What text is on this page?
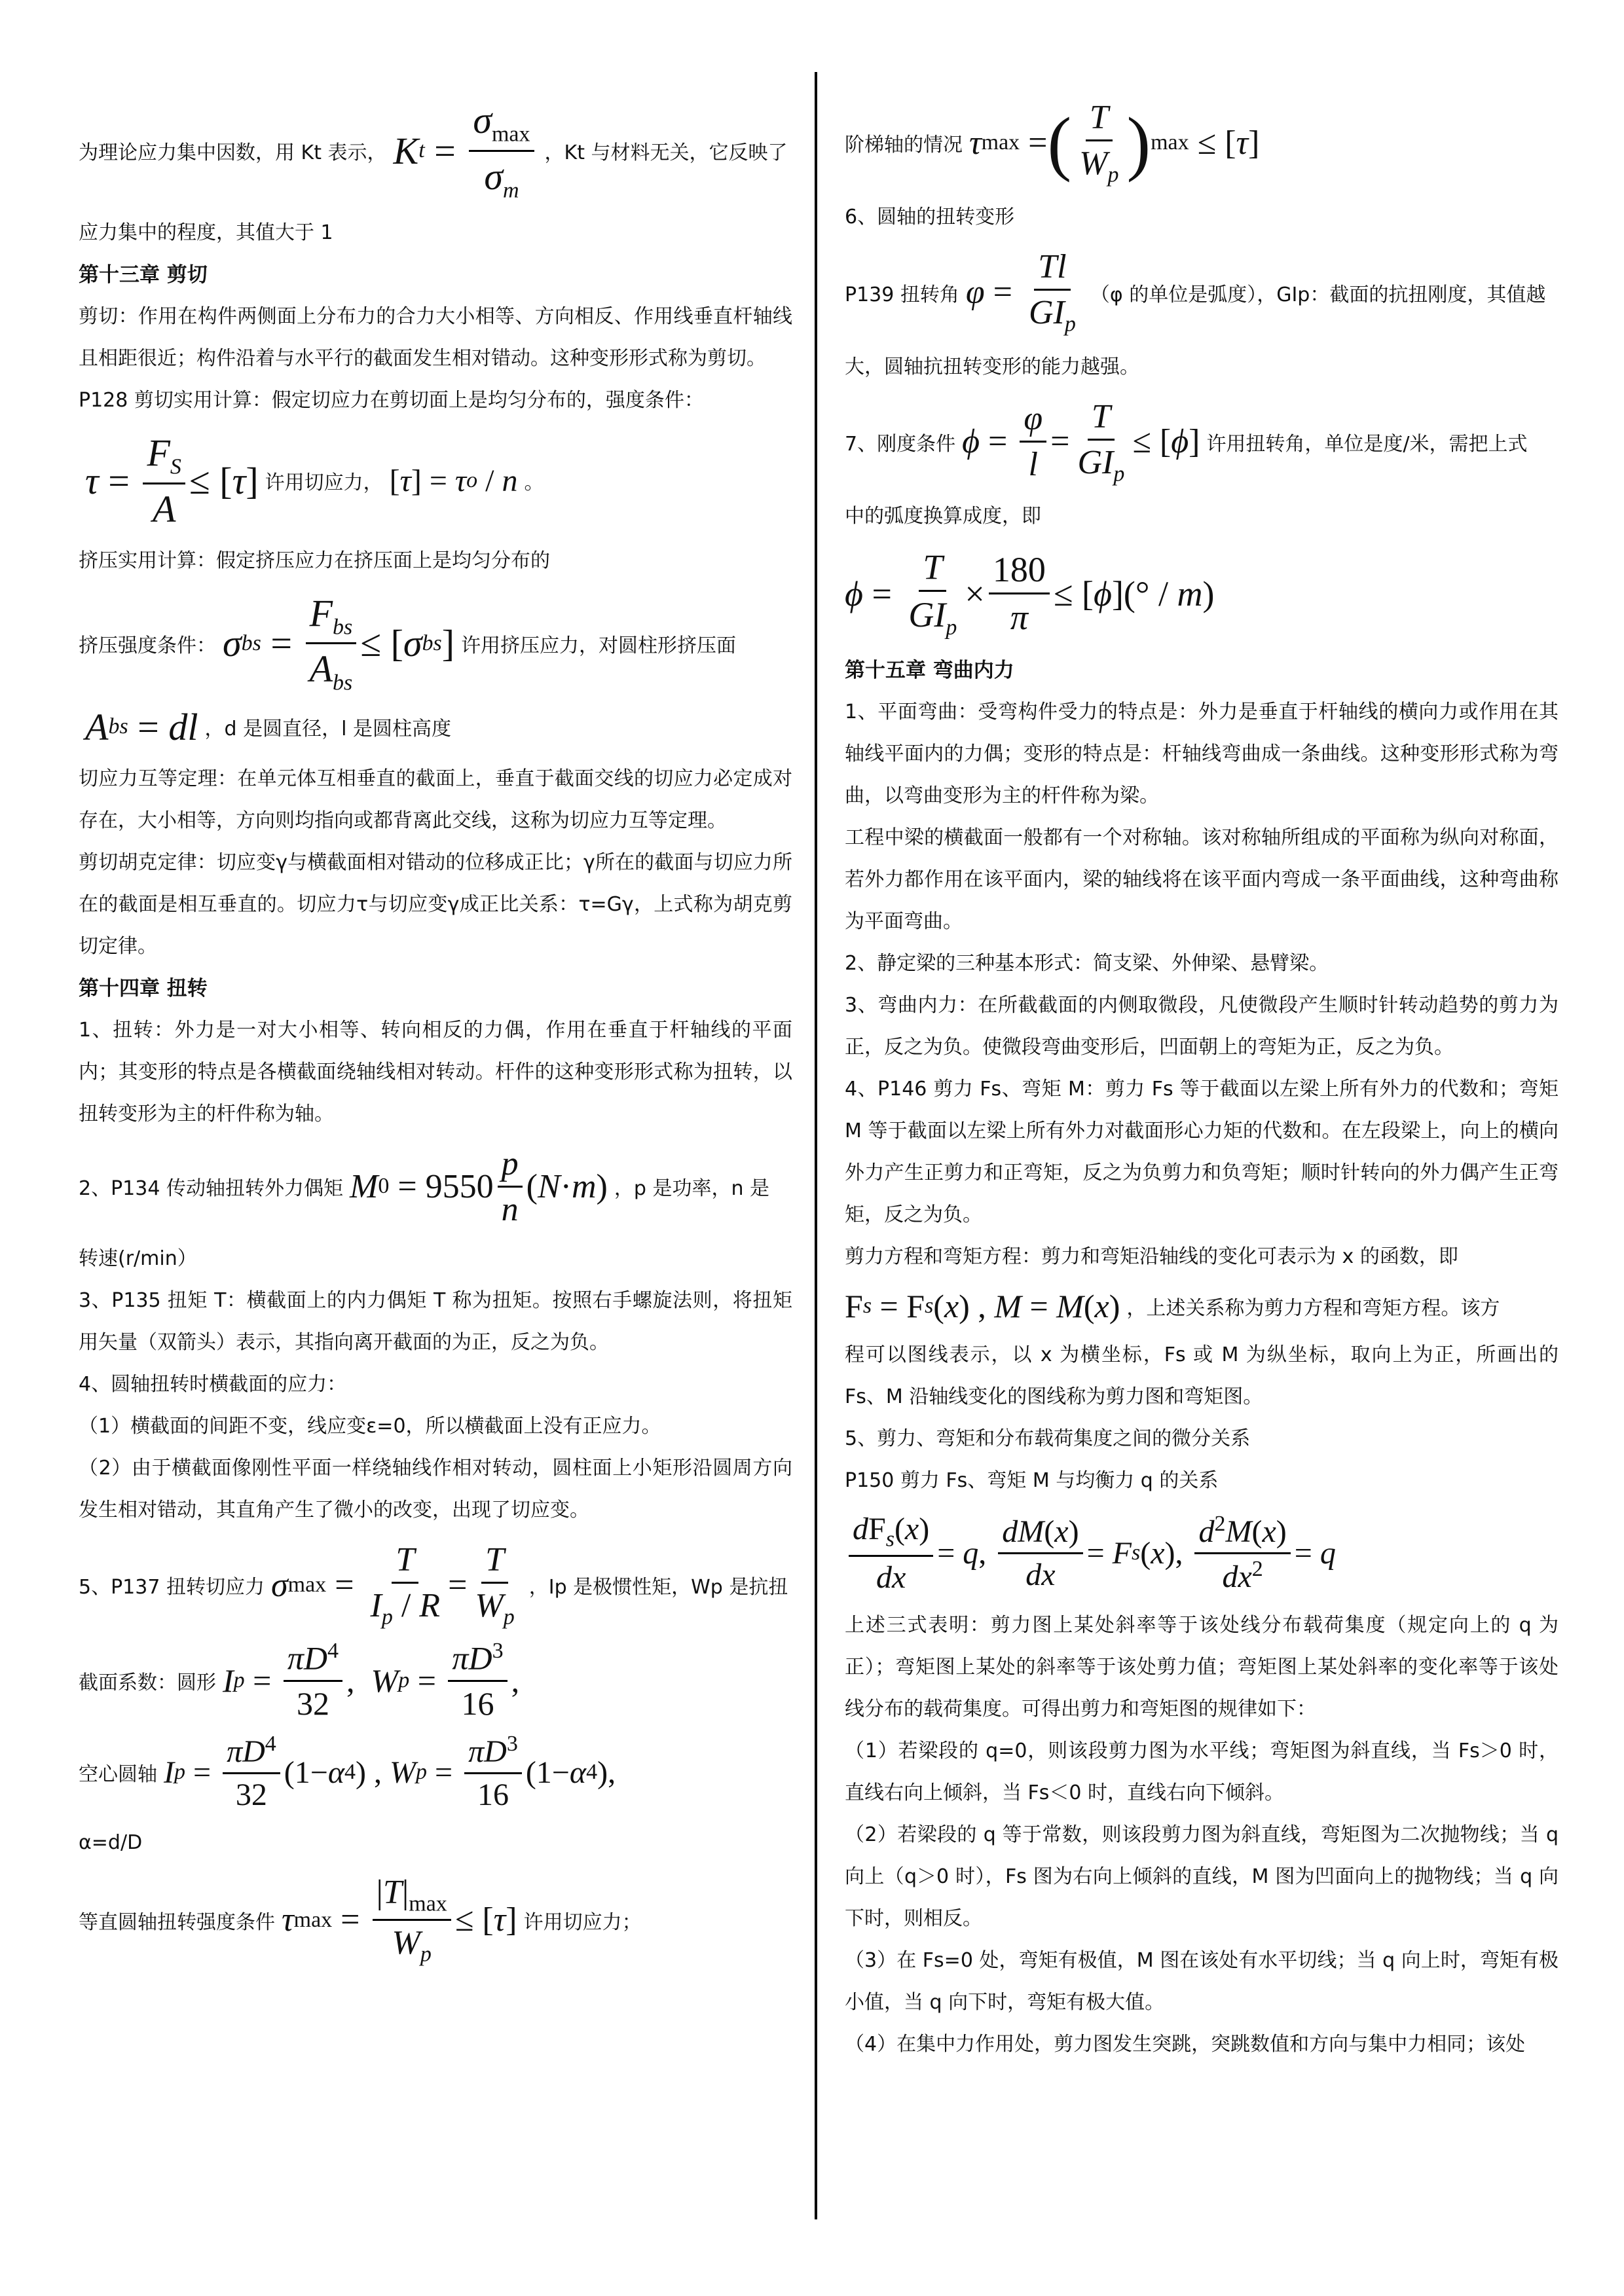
为理论应力集中因数，用 Kt 表示， K t
=
$\frac{\sigma_{max}}{\sigma_m}$ ，Kt 与材料无关，它反映了

应力集中的程度，其值大于 1

第十三章 剪切

剪切：作用在构件两侧面上分布力的合力大小相等、方向相反、作用线垂直杆轴线且相距很近；构件沿着与水平行的截面发生相对错动。这种变形形式称为剪切。

P128 剪切实用计算：假定切应力在剪切面上是均匀分布的，强度条件：

τ =
$\frac{F_S}{A}$ ≤ [ τ ] 许用切应力， [ τ ] = τ o / n 。

挤压实用计算：假定挤压应力在挤压面上是均匀分布的

挤压强度条件： σ bs
=
$\frac{F_{bs}}{A_{bs}}$ ≤ [ σ bs ] 许用挤压应力，对圆柱形挤压面
A bs
= dl ，d 是圆直径，l 是圆柱高度

切应力互等定理：在单元体互相垂直的截面上，垂直于截面交线的切应力必定成对存在，大小相等，方向则均指向或都背离此交线，这称为切应力互等定理。

剪切胡克定律：切应变γ与横截面相对错动的位移成正比；γ所在的截面与切应力所在的截面是相互垂直的。切应力τ与切应变γ成正比关系：τ=Gγ，上式称为胡克剪切定律。

第十四章 扭转

1、扭转：外力是一对大小相等、转向相反的力偶，作用在垂直于杆轴线的平面内；其变形的特点是各横截面绕轴线相对转动。杆件的这种变形形式称为扭转，以扭转变形为主的杆件称为轴。

2、P134 传动轴扭转外力偶矩 M 0
= $9550 \frac{p}{n}$ ( N · m ) ，p 是功率，n 是

转速(r/min）

3、P135 扭矩 T：横截面上的内力偶矩 T 称为扭矩。按照右手螺旋法则，将扭矩用矢量（双箭头）表示，其指向离开截面的为正，反之为负。

4、圆轴扭转时横截面的应力：

（1）横截面的间距不变，线应变ε=0，所以横截面上没有正应力。

（2）由于横截面像刚性平面一样绕轴线作相对转动，圆柱面上小矩形沿圆周方向发生相对错动，其直角产生了微小的改变，出现了切应变。

5、P137 扭转切应力 σ max
=
$\frac{T}{I_p / R} = \frac{T}{W_p}$ ，Ip 是极惯性矩，Wp 是抗扭
截面系数：圆形 I p
=
$\frac{\pi D^4}{32}$ , W p
=
$\frac{\pi D^3}{16}$ ,
空心圆轴 I p
=
$\frac{\pi D^4}{32} (1- \alpha$ 4 ) , W p
=
$\frac{\pi D^3}{16} (1- \alpha$ 4 ),

α=d/D

等直圆轴扭转强度条件 τ max
=
$\frac{|T|_{max}}{W_p}$ ≤ [ τ ] 许用切应力；
阶梯轴的情况 τ max
= ( $\frac{T}{W_p}$ ) max
≤ [ τ ]

6、圆轴的扭转变形

P139 扭转角 φ =
$\frac{Tl}{GI_p} (\varphi$ 的单位是弧度），GIp：截面的抗扭刚度，其值越

大，圆轴抗扭转变形的能力越强。

7、刚度条件 ϕ =
$\frac{\varphi}{l} = \frac{T}{GI_p}$ ≤ [ ϕ ] 许用扭转角，单位是度/米，需把上式

中的弧度换算成度，即

ϕ =
$\frac{T}{GI_p} \times \frac{180}{\pi}$ ≤ [ ϕ ](° / m )

第十五章 弯曲内力

1、平面弯曲：受弯构件受力的特点是：外力是垂直于杆轴线的横向力或作用在其轴线平面内的力偶；变形的特点是：杆轴线弯曲成一条曲线。这种变形形式称为弯曲，以弯曲变形为主的杆件称为梁。

工程中梁的横截面一般都有一个对称轴。该对称轴所组成的平面称为纵向对称面，若外力都作用在该平面内，梁的轴线将在该平面内弯成一条平面曲线，这种弯曲称为平面弯曲。

2、静定梁的三种基本形式：简支梁、外伸梁、悬臂梁。

3、弯曲内力：在所截截面的内侧取微段，凡使微段产生顺时针转动趋势的剪力为正，反之为负。使微段弯曲变形后，凹面朝上的弯矩为正，反之为负。

4、P146 剪力 Fs、弯矩 M：剪力 Fs 等于截面以左梁上所有外力的代数和；弯矩 M 等于截面以左梁上所有外力对截面形心力矩的代数和。在左段梁上，向上的横向外力产生正剪力和正弯矩，反之为负剪力和负弯矩；顺时针转向的外力偶产生正弯矩，反之为负。

剪力方程和弯矩方程：剪力和弯矩沿轴线的变化可表示为 x 的函数，即

F s
= F s ( x ) , M = M ( x ) ，上述关系称为剪力方程和弯矩方程。该方

程可以图线表示，以 x 为横坐标，Fs 或 M 为纵坐标，取向上为正，所画出的 Fs、M 沿轴线变化的图线称为剪力图和弯矩图。

5、剪力、弯矩和分布载荷集度之间的微分关系

P150 剪力 Fs、弯矩 M 与均衡力 q 的关系

$\frac{dF_s(x)}{dx} = q$ ,
$\frac{dM(x)}{dx} = F$ s ( x ),
$\frac{d^2M(x)}{dx^2} = q$

上述三式表明：剪力图上某处斜率等于该处线分布载荷集度（规定向上的 q 为正）；弯矩图上某处的斜率等于该处剪力值；弯矩图上某处斜率的变化率等于该处线分布的载荷集度。可得出剪力和弯矩图的规律如下：

（1）若梁段的 q=0，则该段剪力图为水平线；弯矩图为斜直线，当 Fs＞0 时，直线右向上倾斜，当 Fs＜0 时，直线右向下倾斜。

（2）若梁段的 q 等于常数，则该段剪力图为斜直线，弯矩图为二次抛物线；当 q 向上（q＞0 时），Fs 图为右向上倾斜的直线，M 图为凹面向上的抛物线；当 q 向下时，则相反。

（3）在 Fs=0 处，弯矩有极值，M 图在该处有水平切线；当 q 向上时，弯矩有极小值，当 q 向下时，弯矩有极大值。

（4）在集中力作用处，剪力图发生突跳，突跳数值和方向与集中力相同；该处
